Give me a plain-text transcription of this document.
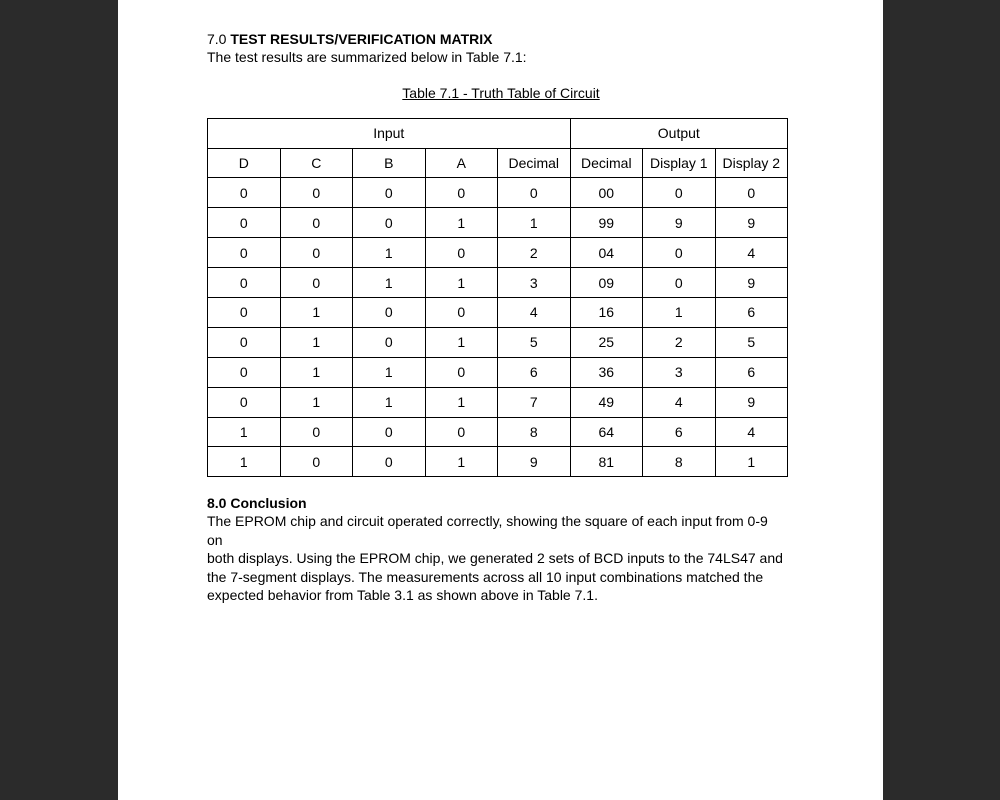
7.0 TEST RESULTS/VERIFICATION MATRIX

The test results are summarized below in Table 7.1:

Table 7.1 - Truth Table of Circuit
Input					Output		
D	C	B	A	Decimal	Decimal	Display 1	Display 2
0	0	0	0	0	00	0	0
0	0	0	1	1	99	9	9
0	0	1	0	2	04	0	4
0	0	1	1	3	09	0	9
0	1	0	0	4	16	1	6
0	1	0	1	5	25	2	5
0	1	1	0	6	36	3	6
0	1	1	1	7	49	4	9
1	0	0	0	8	64	6	4
1	0	0	1	9	81	8	1

8.0 Conclusion

The EPROM chip and circuit operated correctly, showing the square of each input from 0-9 on

both displays. Using the EPROM chip, we generated 2 sets of BCD inputs to the 74LS47 and

the 7-segment displays. The measurements across all 10 input combinations matched the

expected behavior from Table 3.1 as shown above in Table 7.1.
